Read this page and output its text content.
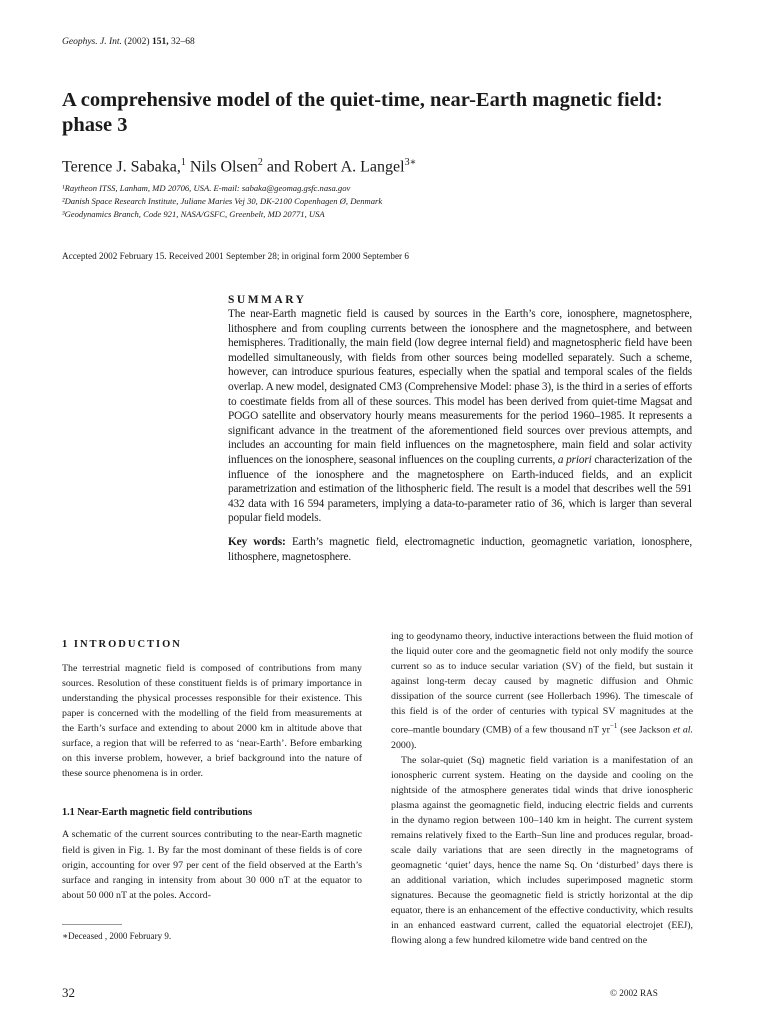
Geophys. J. Int. (2002) 151, 32–68
A comprehensive model of the quiet-time, near-Earth magnetic field: phase 3
Terence J. Sabaka,$^1$ Nils Olsen$^2$ and Robert A. Langel$^{3∗}$

¹Raytheon ITSS, Lanham, MD 20706, USA. E-mail: sabaka@geomag.gsfc.nasa.gov

²Danish Space Research Institute, Juliane Maries Vej 30, DK-2100 Copenhagen Ø, Denmark

³Geodynamics Branch, Code 921, NASA/GSFC, Greenbelt, MD 20771, USA

Accepted 2002 February 15. Received 2001 September 28; in original form 2000 September 6
SUMMARY

The near-Earth magnetic field is caused by sources in the Earth’s core, ionosphere, magnetosphere, lithosphere and from coupling currents between the ionosphere and the magnetosphere, and between hemispheres. Traditionally, the main field (low degree internal field) and magnetospheric field have been modelled simultaneously, with fields from other sources being modelled separately. Such a scheme, however, can introduce spurious features, especially when the spatial and temporal scales of the fields overlap. A new model, designated CM3 (Comprehensive Model: phase 3), is the third in a series of efforts to coestimate fields from all of these sources. This model has been derived from quiet-time Magsat and POGO satellite and observatory hourly means measurements for the period 1960–1985. It represents a significant advance in the treatment of the aforementioned field sources over previous attempts, and includes an accounting for main field influences on the magnetosphere, main field and solar activity influences on the ionosphere, seasonal influences on the coupling currents, a priori characterization of the influence of the ionosphere and the magnetosphere on Earth-induced fields, and an explicit parametrization and estimation of the lithospheric field. The result is a model that describes well the 591 432 data with 16 594 parameters, implying a data-to-parameter ratio of 36, which is larger than several popular field models.

Key words: Earth’s magnetic field, electromagnetic induction, geomagnetic variation, ionosphere, lithosphere, magnetosphere.
1 INTRODUCTION

The terrestrial magnetic field is composed of contributions from many sources. Resolution of these constituent fields is of primary importance in understanding the physical processes responsible for their existence. This paper is concerned with the modelling of the field from measurements at the Earth’s surface and extending to about 2000 km in altitude above that surface, a region that will be referred to as ‘near-Earth’. Before embarking on this inverse problem, however, a brief background into the nature of these source phenomena is in order.

1.1 Near-Earth magnetic field contributions

A schematic of the current sources contributing to the near-Earth magnetic field is given in Fig. 1. By far the most dominant of these fields is of core origin, accounting for over 97 per cent of the field observed at the Earth’s surface and ranging in intensity from about 30 000 nT at the equator to about 50 000 nT at the poles. Accord-

ing to geodynamo theory, inductive interactions between the fluid motion of the liquid outer core and the geomagnetic field not only modify the source current so as to induce secular variation (SV) of the field, but sustain it against long-term decay caused by magnetic diffusion and Ohmic dissipation of the source current (see Hollerbach 1996). The timescale of this field is of the order of centuries with typical SV magnitudes at the core–mantle boundary (CMB) of a few thousand nT $yr^{-1}$ (see Jackson et al. 2000).

The solar-quiet (Sq) magnetic field variation is a manifestation of an ionospheric current system. Heating on the dayside and cooling on the nightside of the atmosphere generates tidal winds that drive ionospheric plasma against the geomagnetic field, inducing electric fields and currents in the dynamo region between 100–140 km in height. The current system remains relatively fixed to the Earth–Sun line and produces regular, broad-scale daily variations that are seen directly in the magnetograms of geomagnetic ‘quiet’ days, hence the name Sq. On ‘disturbed’ days there is an additional variation, which includes superimposed magnetic storm signatures. Because the geomagnetic field is strictly horizontal at the dip equator, there is an enhancement of the effective conductivity, which results in an enhanced eastward current, called the equatorial electrojet (EEJ), flowing along a few hundred kilometre wide band centred on the

∗Deceased , 2000 February 9.
32	© 2002 RAS
